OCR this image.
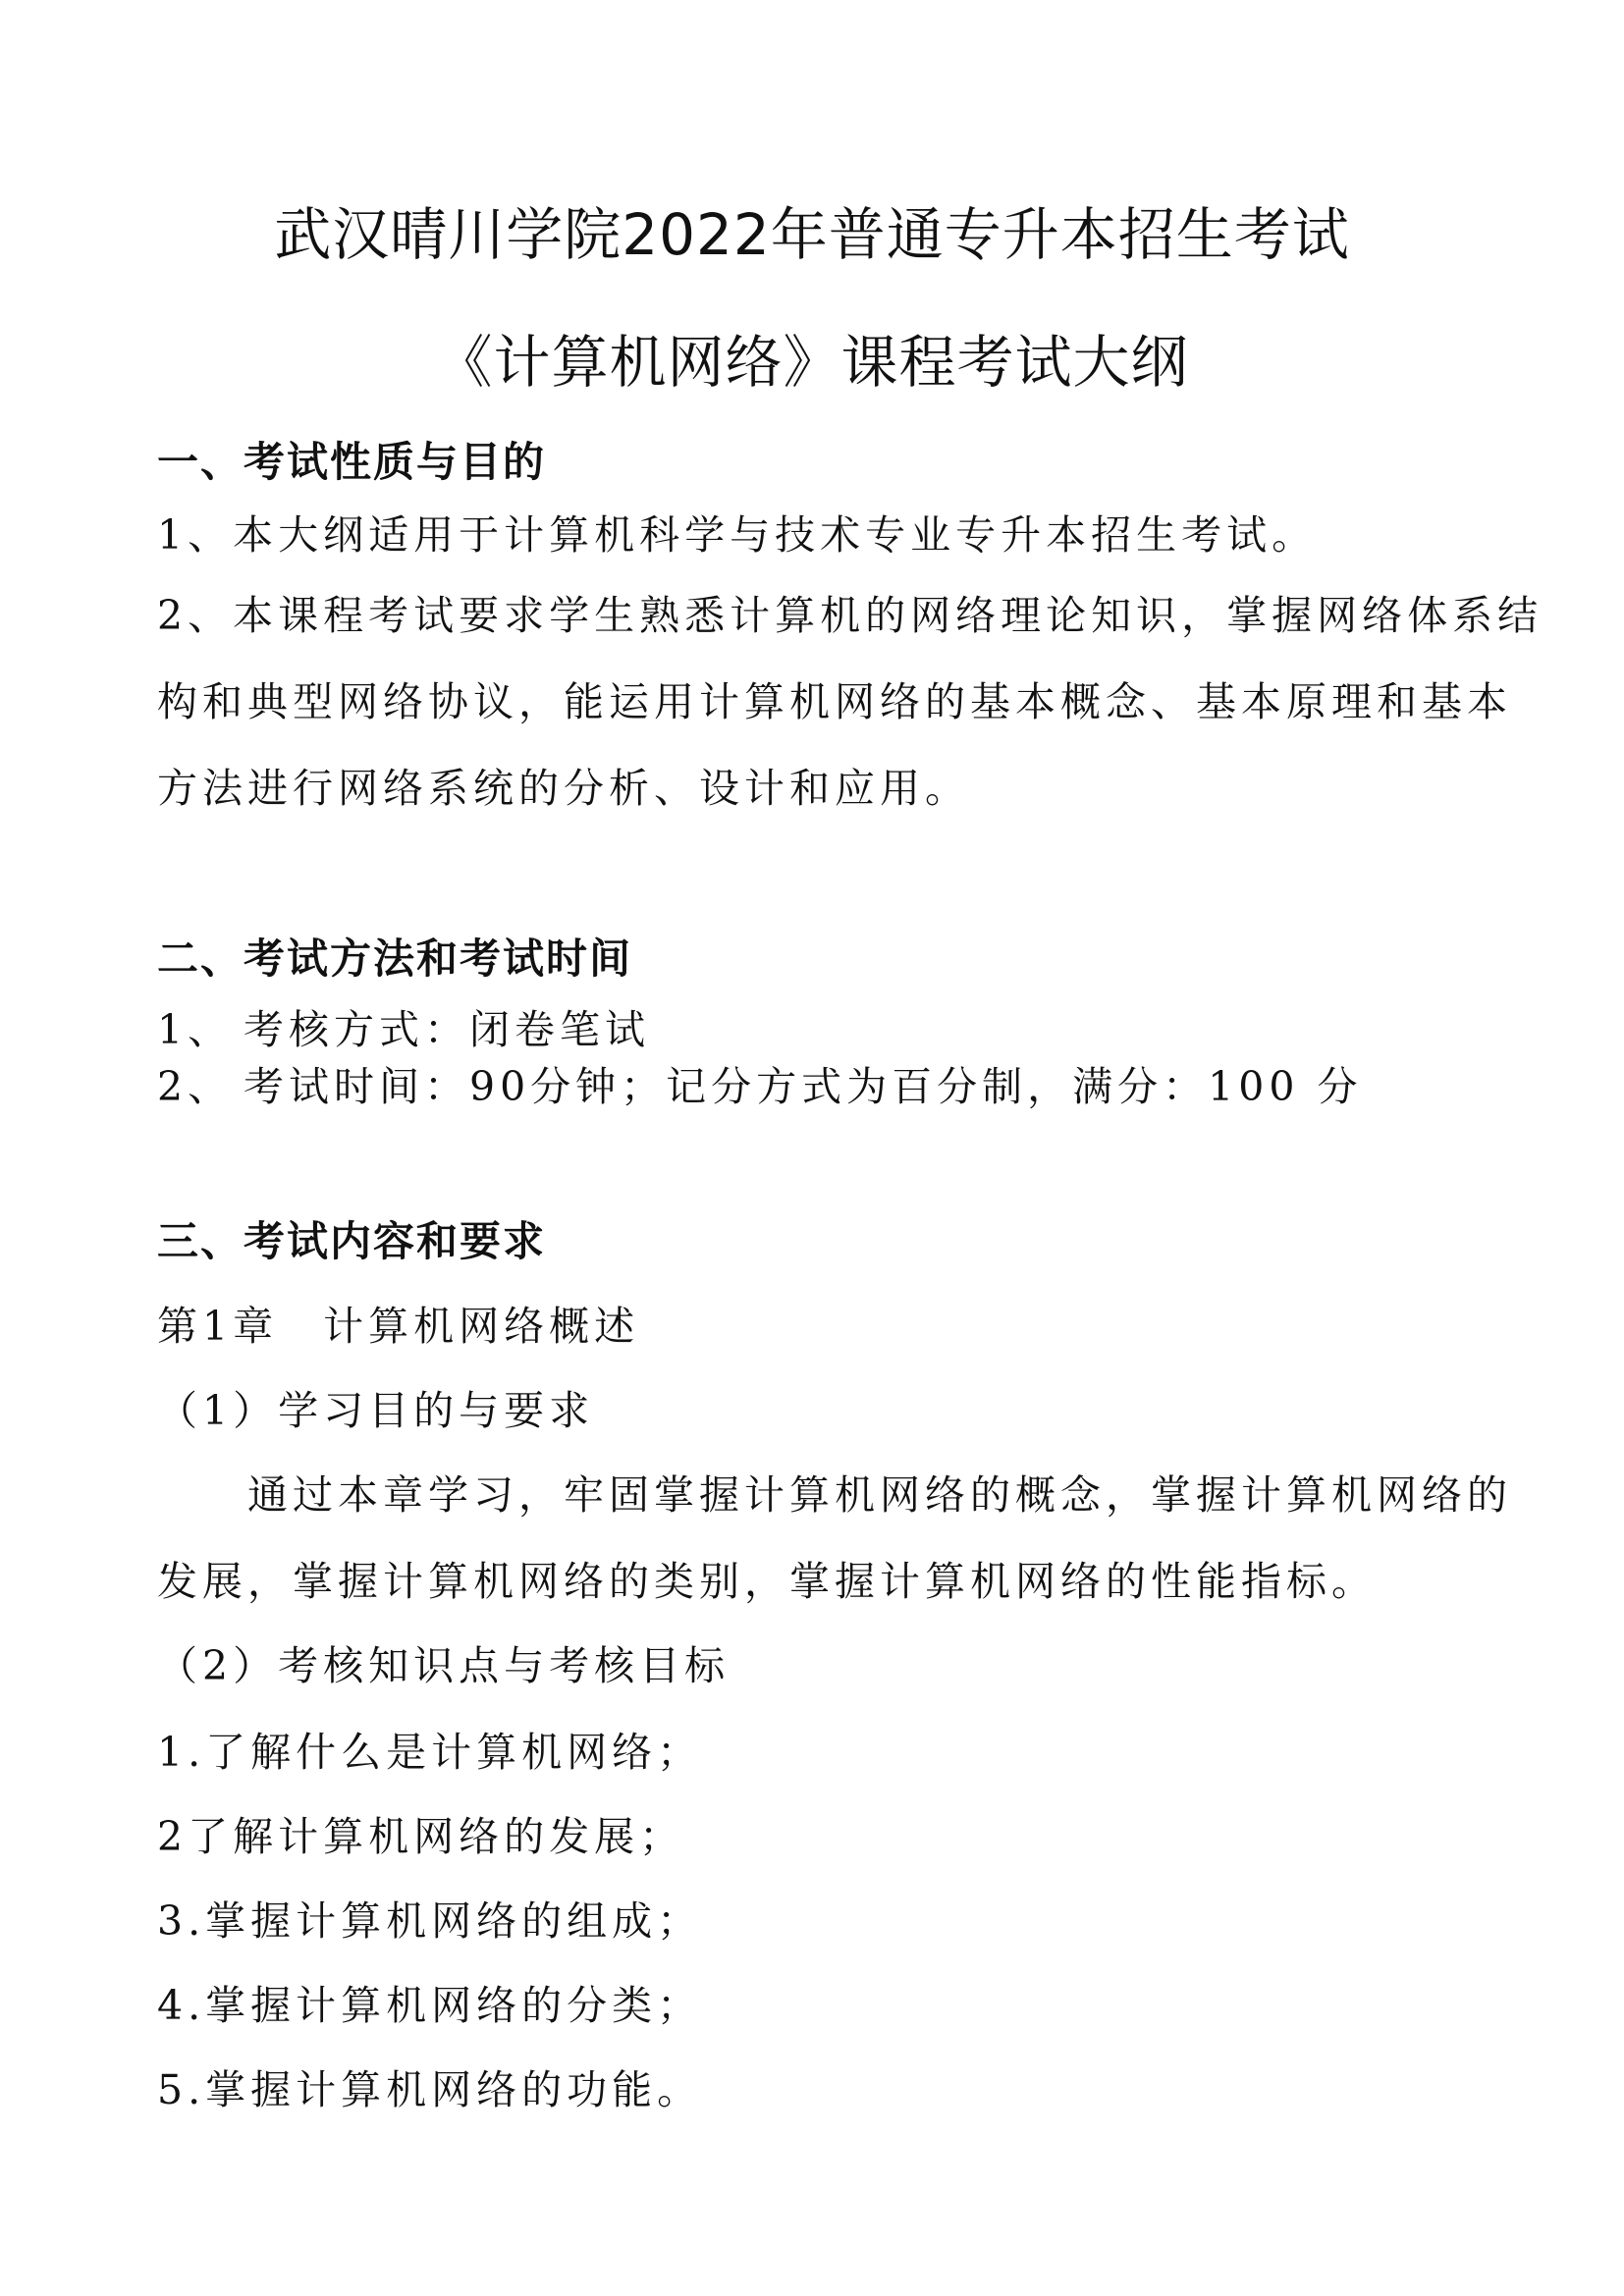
武汉晴川学院2022年普通专升本招生考试
《计算机网络》课程考试大纲
一、考试性质与目的
1、本大纲适用于计算机科学与技术专业专升本招生考试。
2、本课程考试要求学生熟悉计算机的网络理论知识，掌握网络体系结
构和典型网络协议，能运用计算机网络的基本概念、基本原理和基本
方法进行网络系统的分析、设计和应用。
二、考试方法和考试时间
1、 考核方式：闭卷笔试
2、 考试时间：90分钟；记分方式为百分制，满分：100 分
三、考试内容和要求
第1章　计算机网络概述
（1）学习目的与要求
　　通过本章学习，牢固掌握计算机网络的概念，掌握计算机网络的
发展，掌握计算机网络的类别，掌握计算机网络的性能指标。
（2）考核知识点与考核目标
1.了解什么是计算机网络；
2了解计算机网络的发展；
3.掌握计算机网络的组成；
4.掌握计算机网络的分类；
5.掌握计算机网络的功能。
